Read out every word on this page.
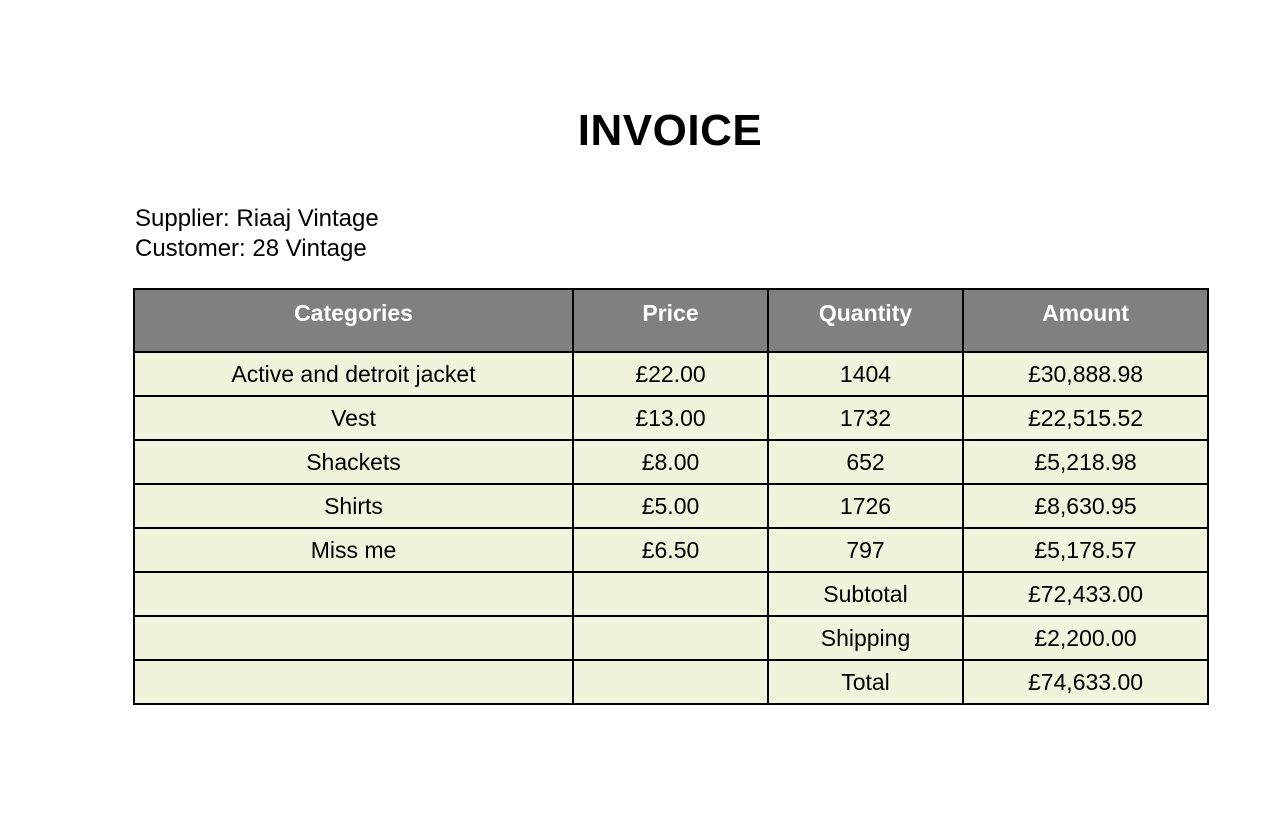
INVOICE
Supplier: Riaaj Vintage
Customer: 28 Vintage
Categories	Price	Quantity	Amount
Active and detroit jacket	£22.00	1404	£30,888.98
Vest	£13.00	1732	£22,515.52
Shackets	£8.00	652	£5,218.98
Shirts	£5.00	1726	£8,630.95
Miss me	£6.50	797	£5,178.57
		Subtotal	£72,433.00
		Shipping	£2,200.00
		Total	£74,633.00
